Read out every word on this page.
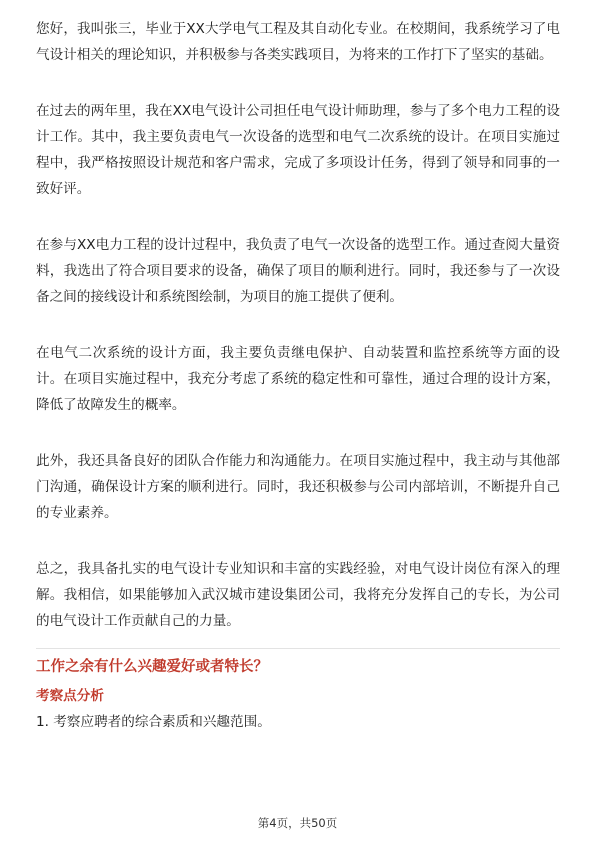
您好，我叫张三，毕业于XX大学电气工程及其自动化专业。在校期间，我系统学习了电气设计相关的理论知识，并积极参与各类实践项目，为将来的工作打下了坚实的基础。

在过去的两年里，我在XX电气设计公司担任电气设计师助理，参与了多个电力工程的设计工作。其中，我主要负责电气一次设备的选型和电气二次系统的设计。在项目实施过程中，我严格按照设计规范和客户需求，完成了多项设计任务，得到了领导和同事的一致好评。

在参与XX电力工程的设计过程中，我负责了电气一次设备的选型工作。通过查阅大量资料，我选出了符合项目要求的设备，确保了项目的顺利进行。同时，我还参与了一次设备之间的接线设计和系统图绘制，为项目的施工提供了便利。

在电气二次系统的设计方面，我主要负责继电保护、自动装置和监控系统等方面的设计。在项目实施过程中，我充分考虑了系统的稳定性和可靠性，通过合理的设计方案，降低了故障发生的概率。

此外，我还具备良好的团队合作能力和沟通能力。在项目实施过程中，我主动与其他部门沟通，确保设计方案的顺利进行。同时，我还积极参与公司内部培训，不断提升自己的专业素养。

总之，我具备扎实的电气设计专业知识和丰富的实践经验，对电气设计岗位有深入的理解。我相信，如果能够加入武汉城市建设集团公司，我将充分发挥自己的专长，为公司的电气设计工作贡献自己的力量。

工作之余有什么兴趣爱好或者特长？
考察点分析

1. 考察应聘者的综合素质和兴趣范围。

第4页，共50页
